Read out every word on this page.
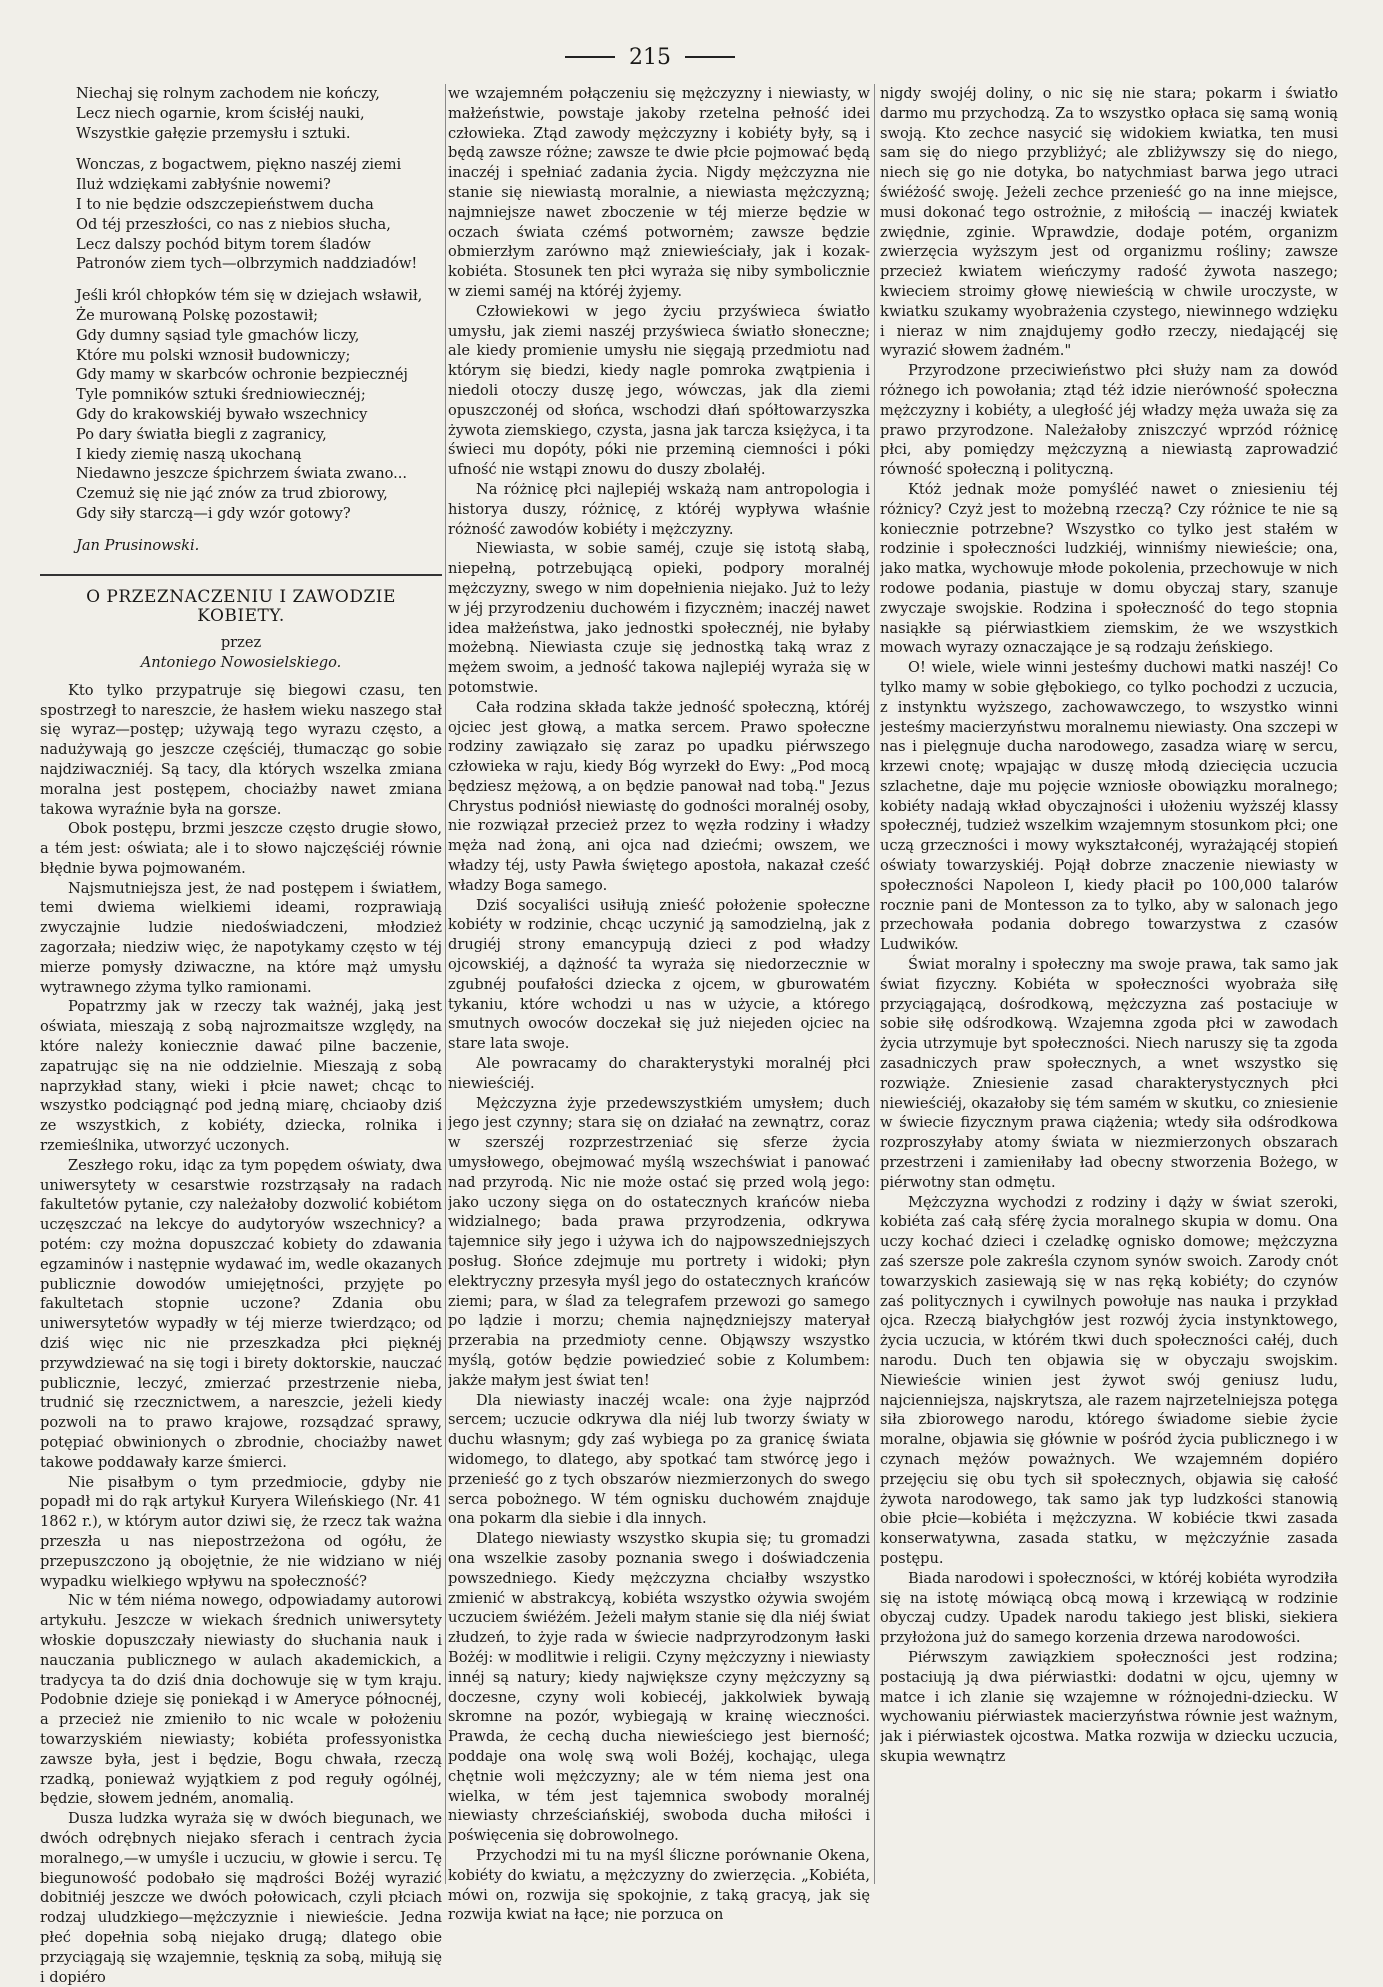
215

Niechaj się rolnym zachodem nie kończy,

Lecz niech ogarnie, krom ścisłéj nauki,

Wszystkie gałęzie przemysłu i sztuki.

Wonczas, z bogactwem, piękno naszéj ziemi

Iluż wdziękami zabłyśnie nowemi?

I to nie będzie odszczepieństwem ducha

Od téj przeszłości, co nas z niebios słucha,

Lecz dalszy pochód bitym torem śladów

Patronów ziem tych—olbrzymich naddziadów!

Jeśli król chłopków tém się w dziejach wsławił,

Że murowaną Polskę pozostawił;

Gdy dumny sąsiad tyle gmachów liczy,

Które mu polski wznosił budowniczy;

Gdy mamy w skarbców ochronie bezpiecznéj

Tyle pomników sztuki średniowiecznéj;

Gdy do krakowskiéj bywało wszechnicy

Po dary światła biegli z zagranicy,

I kiedy ziemię naszą ukochaną

Niedawno jeszcze śpichrzem świata zwano...

Czemuż się nie jąć znów za trud zbiorowy,

Gdy siły starczą—i gdy wzór gotowy?

Jan Prusinowski.

O PRZEZNACZENIU I ZAWODZIE KOBIETY.

przez

Antoniego Nowosielskiego.

Kto tylko przypatruje się biegowi czasu, ten spostrzegł to nareszcie, że hasłem wieku naszego stał się wyraz—postęp; używają tego wyrazu często, a nadużywają go jeszcze częściéj, tłumacząc go sobie najdziwaczniéj. Są tacy, dla których wszelka zmiana moralna jest postępem, chociażby nawet zmiana takowa wyraźnie była na gorsze.

Obok postępu, brzmi jeszcze często drugie słowo, a tém jest: oświata; ale i to słowo najczęściéj równie błędnie bywa pojmowaném.

Najsmutniejsza jest, że nad postępem i światłem, temi dwiema wielkiemi ideami, rozprawiają zwyczajnie ludzie niedoświadczeni, młodzież zagorzała; niedziw więc, że napotykamy często w téj mierze pomysły dziwaczne, na które mąż umysłu wytrawnego zżyma tylko ramionami.

Popatrzmy jak w rzeczy tak ważnéj, jaką jest oświata, mieszają z sobą najrozmaitsze względy, na które należy koniecznie dawać pilne baczenie, zapatrując się na nie oddzielnie. Mieszają z sobą naprzykład stany, wieki i płcie nawet; chcąc to wszystko podciągnąć pod jedną miarę, chciaoby dziś ze wszystkich, z kobiéty, dziecka, rolnika i rzemieślnika, utworzyć uczonych.

Zeszłego roku, idąc za tym popędem oświaty, dwa uniwersytety w cesarstwie rozstrząsały na radach fakultetów pytanie, czy należałoby dozwolić kobiétom uczęszczać na lekcye do audytoryów wszechnicy? a potém: czy można dopuszczać kobiety do zdawania egzaminów i następnie wydawać im, wedle okazanych publicznie dowodów umiejętności, przyjęte po fakultetach stopnie uczone? Zdania obu uniwersytetów wypadły w téj mierze twierdząco; od dziś więc nic nie przeszkadza płci pięknéj przywdziewać na się togi i birety doktorskie, nauczać publicznie, leczyć, zmierzać przestrzenie nieba, trudnić się rzecznictwem, a nareszcie, jeżeli kiedy pozwoli na to prawo krajowe, rozsądzać sprawy, potępiać obwinionych o zbrodnie, chociażby nawet takowe poddawały karze śmierci.

Nie pisałbym o tym przedmiocie, gdyby nie popadł mi do rąk artykuł Kuryera Wileńskiego (Nr. 41 1862 r.), w którym autor dziwi się, że rzecz tak ważna przeszła u nas niepostrzeżona od ogółu, że przepuszczono ją obojętnie, że nie widziano w niéj wypadku wielkiego wpływu na społeczność?

Nic w tém niéma nowego, odpowiadamy autorowi artykułu. Jeszcze w wiekach średnich uniwersytety włoskie dopuszczały niewiasty do słuchania nauk i nauczania publicznego w aulach akademickich, a tradycya ta do dziś dnia dochowuje się w tym kraju. Podobnie dzieje się poniekąd i w Ameryce północnéj, a przecież nie zmieniło to nic wcale w położeniu towarzyskiém niewiasty; kobiéta professyonistka zawsze była, jest i będzie, Bogu chwała, rzeczą rzadką, ponieważ wyjątkiem z pod reguły ogólnéj, będzie, słowem jedném, anomalią.

Dusza ludzka wyraża się w dwóch biegunach, we dwóch odrębnych niejako sferach i centrach życia moralnego,—w umyśle i uczuciu, w głowie i sercu. Tę biegunowość podobało się mądrości Bożéj wyrazić dobitniéj jeszcze we dwóch połowicach, czyli płciach rodzaj uludzkiego—mężczyznie i niewieście. Jedna płeć dopełnia sobą niejako drugą; dlatego obie przyciągają się wzajemnie, tęsknią za sobą, miłują się i dopiéro

we wzajemném połączeniu się mężczyzny i niewiasty, w małżeństwie, powstaje jakoby rzetelna pełność idei człowieka. Ztąd zawody mężczyzny i kobiéty były, są i będą zawsze różne; zawsze te dwie płcie pojmować będą inaczéj i spełniać zadania życia. Nigdy mężczyzna nie stanie się niewiastą moralnie, a niewiasta mężczyzną; najmniejsze nawet zboczenie w téj mierze będzie w oczach świata czémś potwornėm; zawsze będzie obmierzłym zarówno mąż zniewieściały, jak i kozak-kobiéta. Stosunek ten płci wyraża się niby symbolicznie w ziemi saméj na któréj żyjemy.

Człowiekowi w jego życiu przyświeca światło umysłu, jak ziemi naszéj przyświeca światło słoneczne; ale kiedy promienie umysłu nie sięgają przedmiotu nad którym się biedzi, kiedy nagle pomroka zwątpienia i niedoli otoczy duszę jego, wówczas, jak dla ziemi opuszczonéj od słońca, wschodzi dłań spółtowarzyszka żywota ziemskiego, czysta, jasna jak tarcza księżyca, i ta świeci mu dopóty, póki nie przeminą ciemności i póki ufność nie wstąpi znowu do duszy zbolałéj.

Na różnicę płci najlepiéj wskażą nam antropologia i historya duszy, różnicę, z któréj wypływa właśnie różność zawodów kobiéty i mężczyzny.

Niewiasta, w sobie saméj, czuje się istotą słabą, niepełną, potrzebującą opieki, podpory moralnéj mężczyzny, swego w nim dopełnienia niejako. Już to leży w jéj przyrodzeniu duchowém i fizycznėm; inaczéj nawet idea małżeństwa, jako jednostki społecznéj, nie byłaby możebną. Niewiasta czuje się jednostką taką wraz z mężem swoim, a jedność takowa najlepiéj wyraża się w potomstwie.

Cała rodzina składa także jedność społeczną, któréj ojciec jest głową, a matka sercem. Prawo społeczne rodziny zawiązało się zaraz po upadku piérwszego człowieka w raju, kiedy Bóg wyrzekł do Ewy: „Pod mocą będziesz mężową, a on będzie panował nad tobą." Jezus Chrystus podniósł niewiastę do godności moralnéj osoby, nie rozwiązał przecież przez to węzła rodziny i władzy męża nad żoną, ani ojca nad dziećmi; owszem, we władzy téj, usty Pawła świętego apostoła, nakazał cześć władzy Boga samego.

Dziś socyaliści usiłują znieść położenie społeczne kobiéty w rodzinie, chcąc uczynić ją samodzielną, jak z drugiéj strony emancypują dzieci z pod władzy ojcowskiéj, a dążność ta wyraża się niedorzecznie w zgubnéj poufałości dziecka z ojcem, w gburowatém tykaniu, które wchodzi u nas w użycie, a którego smutnych owoców doczekał się już niejeden ojciec na stare lata swoje.

Ale powracamy do charakterystyki moralnéj płci niewieściéj.

Mężczyzna żyje przedewszystkiém umysłem; duch jego jest czynny; stara się on działać na zewnątrz, coraz w szerszéj rozprzestrzeniać się sferze życia umysłowego, obejmować myślą wszechświat i panować nad przyrodą. Nic nie może ostać się przed wolą jego: jako uczony sięga on do ostatecznych krańców nieba widzialnego; bada prawa przyrodzenia, odkrywa tajemnice siły jego i używa ich do najpowszedniejszych posług. Słońce zdejmuje mu portrety i widoki; płyn elektryczny przesyła myśl jego do ostatecznych krańców ziemi; para, w ślad za telegrafem przewozi go samego po lądzie i morzu; chemia najnędzniejszy materyał przerabia na przedmioty cenne. Objąwszy wszystko myślą, gotów będzie powiedzieć sobie z Kolumbem: jakże małym jest świat ten!

Dla niewiasty inaczéj wcale: ona żyje najprzód sercem; uczucie odkrywa dla niéj lub tworzy światy w duchu własnym; gdy zaś wybiega po za granicę świata widomego, to dlatego, aby spotkać tam stwórcę jego i przenieść go z tych obszarów niezmierzonych do swego serca pobożnego. W tém ognisku duchowém znajduje ona pokarm dla siebie i dla innych.

Dlatego niewiasty wszystko skupia się; tu gromadzi ona wszelkie zasoby poznania swego i doświadczenia powszedniego. Kiedy mężczyzna chciałby wszystko zmienić w abstrakcyą, kobiéta wszystko ożywia swojém uczuciem świéżém. Jeżeli małym stanie się dla niéj świat złudzeń, to żyje rada w świecie nadprzyrodzonym łaski Bożéj: w modlitwie i religii. Czyny mężczyzny i niewiasty innéj są natury; kiedy największe czyny mężczyzny są doczesne, czyny woli kobiecéj, jakkolwiek bywają skromne na pozór, wybiegają w krainę wieczności. Prawda, że cechą ducha niewieściego jest bierność; poddaje ona wolę swą woli Bożéj, kochając, ulega chętnie woli mężczyzny; ale w tém niema jest ona wielka, w tém jest tajemnica swobody moralnéj niewiasty chrześciańskiéj, swoboda ducha miłości i poświęcenia się dobrowolnego.

Przychodzi mi tu na myśl śliczne porównanie Okena, kobiéty do kwiatu, a mężczyzny do zwierzęcia. „Kobiéta, mówi on, rozwija się spokojnie, z taką gracyą, jak się rozwija kwiat na łące; nie porzuca on

nigdy swojéj doliny, o nic się nie stara; pokarm i światło darmo mu przychodzą. Za to wszystko opłaca się samą wonią swoją. Kto zechce nasycić się widokiem kwiatka, ten musi sam się do niego przybliżyć; ale zbliżywszy się do niego, niech się go nie dotyka, bo natychmiast barwa jego utraci świéżość swoję. Jeżeli zechce przenieść go na inne miejsce, musi dokonać tego ostrożnie, z miłością — inaczéj kwiatek zwiędnie, zginie. Wprawdzie, dodaje potém, organizm zwierzęcia wyższym jest od organizmu rośliny; zawsze przecież kwiatem wieńczymy radość żywota naszego; kwieciem stroimy głowę niewieścią w chwile uroczyste, w kwiatku szukamy wyobrażenia czystego, niewinnego wdzięku i nieraz w nim znajdujemy godło rzeczy, niedającéj się wyrazić słowem żadném."

Przyrodzone przeciwieństwo płci służy nam za dowód różnego ich powołania; ztąd téż idzie nierówność społeczna mężczyzny i kobiéty, a uległość jéj władzy męża uważa się za prawo przyrodzone. Należałoby zniszczyć wprzód różnicę płci, aby pomiędzy mężczyzną a niewiastą zaprowadzić równość społeczną i polityczną.

Któż jednak może pomyśléć nawet o zniesieniu téj różnicy? Czyż jest to możebną rzeczą? Czy różnice te nie są koniecznie potrzebne? Wszystko co tylko jest stałém w rodzinie i społeczności ludzkiéj, winniśmy niewieście; ona, jako matka, wychowuje młode pokolenia, przechowuje w nich rodowe podania, piastuje w domu obyczaj stary, szanuje zwyczaje swojskie. Rodzina i społeczność do tego stopnia nasiąkłe są piérwiastkiem ziemskim, że we wszystkich mowach wyrazy oznaczające je są rodzaju żeńskiego.

O! wiele, wiele winni jesteśmy duchowi matki naszéj! Co tylko mamy w sobie głębokiego, co tylko pochodzi z uczucia, z instynktu wyższego, zachowawczego, to wszystko winni jesteśmy macierzyństwu moralnemu niewiasty. Ona szczepi w nas i pielęgnuje ducha narodowego, zasadza wiarę w sercu, krzewi cnotę; wpajając w duszę młodą dziecięcia uczucia szlachetne, daje mu pojęcie wzniosłe obowiązku moralnego; kobiéty nadają wkład obyczajności i ułożeniu wyższéj klassy społecznéj, tudzież wszelkim wzajemnym stosunkom płci; one uczą grzeczności i mowy wykształconéj, wyrażającéj stopień oświaty towarzyskiéj. Pojął dobrze znaczenie niewiasty w społeczności Napoleon I, kiedy płacił po 100,000 talarów rocznie pani de Montesson za to tylko, aby w salonach jego przechowała podania dobrego towarzystwa z czasów Ludwików.

Świat moralny i społeczny ma swoje prawa, tak samo jak świat fizyczny. Kobiéta w społeczności wyobraża siłę przyciągającą, dośrodkową, mężczyzna zaś postaciuje w sobie siłę odśrodkową. Wzajemna zgoda płci w zawodach życia utrzymuje byt społeczności. Niech naruszy się ta zgoda zasadniczych praw społecznych, a wnet wszystko się rozwiąże. Zniesienie zasad charakterystycznych płci niewieściéj, okazałoby się tém samém w skutku, co zniesienie w świecie fizycznym prawa ciążenia; wtedy siła odśrodkowa rozproszyłaby atomy świata w niezmierzonych obszarach przestrzeni i zamieniłaby ład obecny stworzenia Bożego, w piérwotny stan odmętu.

Mężczyzna wychodzi z rodziny i dąży w świat szeroki, kobiéta zaś całą sférę życia moralnego skupia w domu. Ona uczy kochać dzieci i czeladkę ognisko domowe; mężczyzna zaś szersze pole zakreśla czynom synów swoich. Zarody cnót towarzyskich zasiewają się w nas ręką kobiéty; do czynów zaś politycznych i cywilnych powołuje nas nauka i przykład ojca. Rzeczą białychgłów jest rozwój życia instynktowego, życia uczucia, w którém tkwi duch społeczności całéj, duch narodu. Duch ten objawia się w obyczaju swojskim. Niewieście winien jest żywot swój geniusz ludu, najcienniejsza, najskrytsza, ale razem najrzetelniejsza potęga siła zbiorowego narodu, którego świadome siebie życie moralne, objawia się głównie w pośród życia publicznego i w czynach mężów poważnych. We wzajemném dopiéro przejęciu się obu tych sił społecznych, objawia się całość żywota narodowego, tak samo jak typ ludzkości stanowią obie płcie—kobiéta i mężczyzna. W kobiécie tkwi zasada konserwatywna, zasada statku, w mężczyźnie zasada postępu.

Biada narodowi i społeczności, w któréj kobiéta wyrodziła się na istotę mówiącą obcą mową i krzewiącą w rodzinie obyczaj cudzy. Upadek narodu takiego jest bliski, siekiera przyłożona już do samego korzenia drzewa narodowości.

Piérwszym zawiązkiem społeczności jest rodzina; postaciują ją dwa piérwiastki: dodatni w ojcu, ujemny w matce i ich zlanie się wzajemne w różnojedni-dziecku. W wychowaniu piérwiastek macierzyństwa równie jest ważnym, jak i piérwiastek ojcostwa. Matka rozwija w dziecku uczucia, skupia wewnątrz
